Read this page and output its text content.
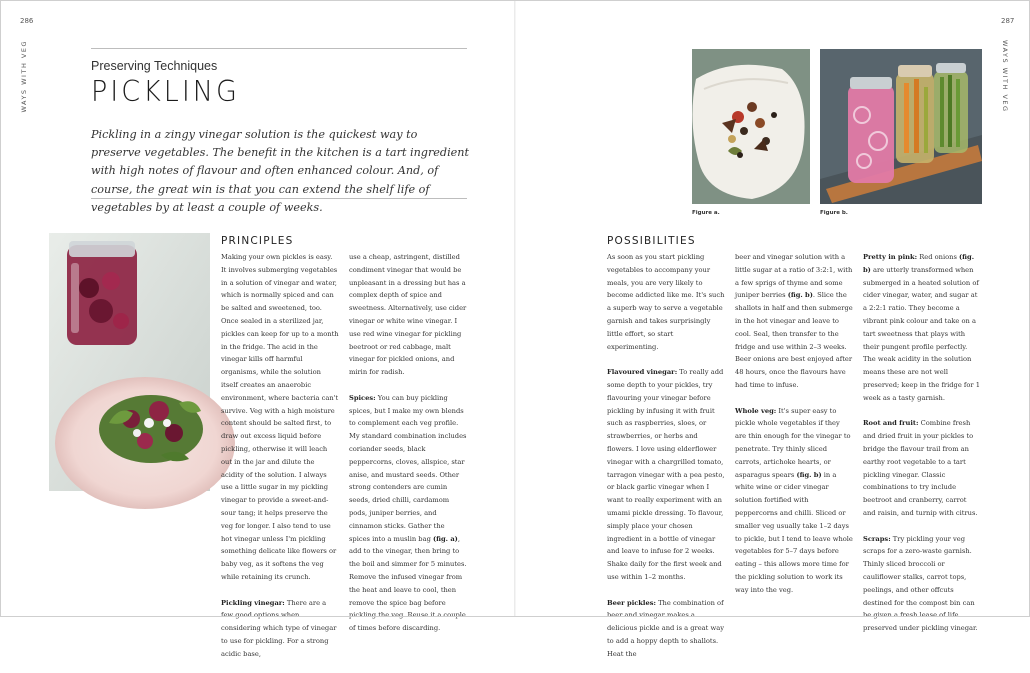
286
WAYS WITH VEG	Preserving Techniques
PICKLING
Pickling in a zingy vinegar solution is the quickest way to preserve vegetables. The benefit in the kitchen is a tart ingredient with high notes of flavour and often enhanced colour. And, of course, the great win is that you can extend the shelf life of vegetables by at least a couple of weeks.
PRINCIPLES

Making your own pickles is easy. It involves submerging vegetables in a solution of vinegar and water, which is normally spiced and can be salted and sweetened, too. Once sealed in a sterilized jar, pickles can keep for up to a month in the fridge. The acid in the vinegar kills off harmful organisms, while the solution itself creates an anaerobic environment, where bacteria can't survive. Veg with a high moisture content should be salted first, to draw out excess liquid before pickling, otherwise it will leach out in the jar and dilute the acidity of the solution. I always use a little sugar in my pickling vinegar to provide a sweet-and-sour tang; it helps preserve the veg for longer. I also tend to use hot vinegar unless I'm pickling something delicate like flowers or baby veg, as it softens the veg while retaining its crunch.

Pickling vinegar: There are a few good options when considering which type of vinegar to use for pickling. For a strong acidic base,

use a cheap, astringent, distilled condiment vinegar that would be unpleasant in a dressing but has a complex depth of spice and sweetness. Alternatively, use cider vinegar or white wine vinegar. I use red wine vinegar for pickling beetroot or red cabbage, malt vinegar for pickled onions, and mirin for radish.

Spices: You can buy pickling spices, but I make my own blends to complement each veg profile. My standard combination includes coriander seeds, black peppercorns, cloves, allspice, star anise, and mustard seeds. Other strong contenders are cumin seeds, dried chilli, cardamom pods, juniper berries, and cinnamon sticks. Gather the spices into a muslin bag (fig. a), add to the vinegar, then bring to the boil and simmer for 5 minutes. Remove the infused vinegar from the heat and leave to cool, then remove the spice bag before pickling the veg. Reuse it a couple of times before discarding.

287
WAYS WITH VEG
Figure a.	Figure b.
POSSIBILITIES

As soon as you start pickling vegetables to accompany your meals, you are very likely to become addicted like me. It's such a superb way to serve a vegetable garnish and takes surprisingly little effort, so start experimenting.

Flavoured vinegar: To really add some depth to your pickles, try flavouring your vinegar before pickling by infusing it with fruit such as raspberries, sloes, or strawberries, or herbs and flowers. I love using elderflower vinegar with a chargrilled tomato, tarragon vinegar with a pea pesto, or black garlic vinegar when I want to really experiment with an umami pickle dressing. To flavour, simply place your chosen ingredient in a bottle of vinegar and leave to infuse for 2 weeks. Shake daily for the first week and use within 1–2 months.

Beer pickles: The combination of beer and vinegar makes a delicious pickle and is a great way to add a hoppy depth to shallots. Heat the

beer and vinegar solution with a little sugar at a ratio of 3:2:1, with a few sprigs of thyme and some juniper berries (fig. b). Slice the shallots in half and then submerge in the hot vinegar and leave to cool. Seal, then transfer to the fridge and use within 2–3 weeks. Beer onions are best enjoyed after 48 hours, once the flavours have had time to infuse.

Whole veg: It's super easy to pickle whole vegetables if they are thin enough for the vinegar to penetrate. Try thinly sliced carrots, artichoke hearts, or asparagus spears (fig. b) in a white wine or cider vinegar solution fortified with peppercorns and chilli. Sliced or smaller veg usually take 1–2 days to pickle, but I tend to leave whole vegetables for 5–7 days before eating – this allows more time for the pickling solution to work its way into the veg.

Pretty in pink: Red onions (fig. b) are utterly transformed when submerged in a heated solution of cider vinegar, water, and sugar at a 2:2:1 ratio. They become a vibrant pink colour and take on a tart sweetness that plays with their pungent profile perfectly. The weak acidity in the solution means these are not well preserved; keep in the fridge for 1 week as a tasty garnish.

Root and fruit: Combine fresh and dried fruit in your pickles to bridge the flavour trail from an earthy root vegetable to a tart pickling vinegar. Classic combinations to try include beetroot and cranberry, carrot and raisin, and turnip with citrus.

Scraps: Try pickling your veg scraps for a zero-waste garnish. Thinly sliced broccoli or cauliflower stalks, carrot tops, peelings, and other offcuts destined for the compost bin can be given a fresh lease of life preserved under pickling vinegar.
